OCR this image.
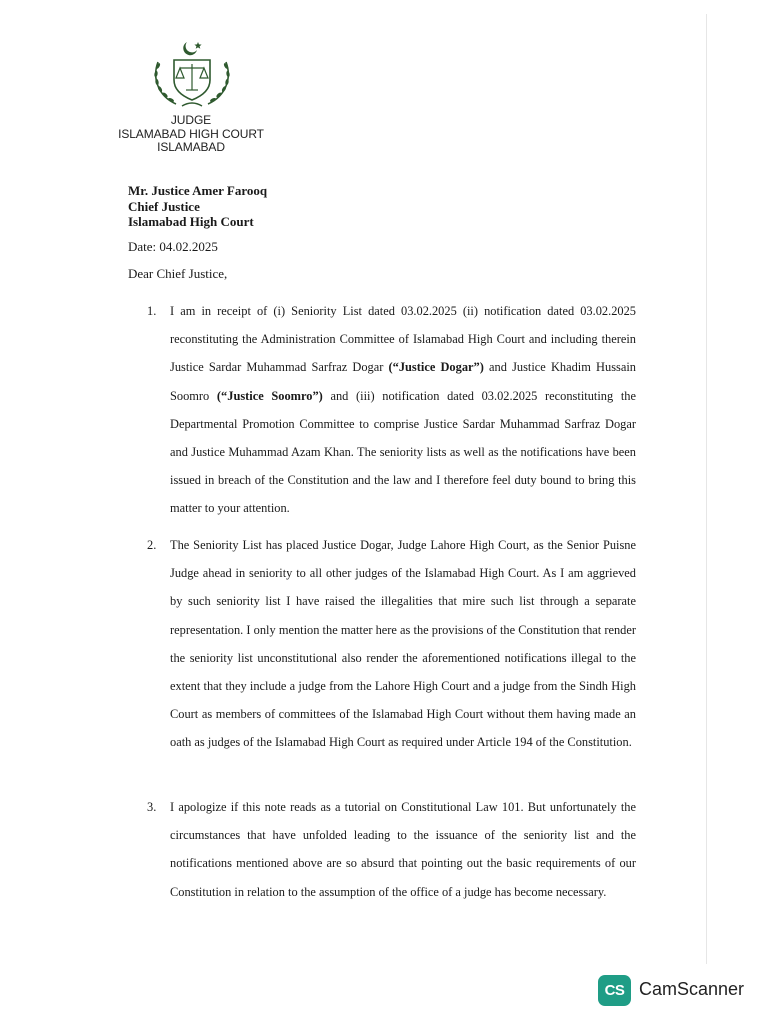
JUDGE
ISLAMABAD HIGH COURT
ISLAMABAD
Mr. Justice Amer Farooq
Chief Justice
Islamabad High Court
Date: 04.02.2025
Dear Chief Justice,

1. I am in receipt of (i) Seniority List dated 03.02.2025 (ii) notification dated 03.02.2025 reconstituting the Administration Committee of Islamabad High Court and including therein Justice Sardar Muhammad Sarfraz Dogar (“Justice Dogar”) and Justice Khadim Hussain Soomro (“Justice Soomro”) and (iii) notification dated 03.02.2025 reconstituting the Departmental Promotion Committee to comprise Justice Sardar Muhammad Sarfraz Dogar and Justice Muhammad Azam Khan. The seniority lists as well as the notifications have been issued in breach of the Constitution and the law and I therefore feel duty bound to bring this matter to your attention.

2. The Seniority List has placed Justice Dogar, Judge Lahore High Court, as the Senior Puisne Judge ahead in seniority to all other judges of the Islamabad High Court. As I am aggrieved by such seniority list I have raised the illegalities that mire such list through a separate representation. I only mention the matter here as the provisions of the Constitution that render the seniority list unconstitutional also render the aforementioned notifications illegal to the extent that they include a judge from the Lahore High Court and a judge from the Sindh High Court as members of committees of the Islamabad High Court without them having made an oath as judges of the Islamabad High Court as required under Article 194 of the Constitution.

3. I apologize if this note reads as a tutorial on Constitutional Law 101. But unfortunately the circumstances that have unfolded leading to the issuance of the seniority list and the notifications mentioned above are so absurd that pointing out the basic requirements of our Constitution in relation to the assumption of the office of a judge has become necessary.

CS CamScanner
